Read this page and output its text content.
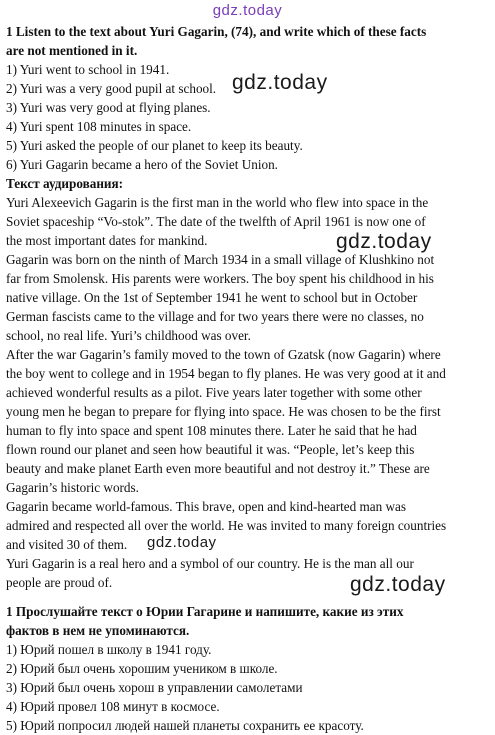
gdz.today
1 Listen to the text about Yuri Gagarin, (74), and write which of these facts
are not mentioned in it.
1) Yuri went to school in 1941.
2) Yuri was a very good pupil at school.
3) Yuri was very good at flying planes.
4) Yuri spent 108 minutes in space.
5) Yuri asked the people of our planet to keep its beauty.
6) Yuri Gagarin became a hero of the Soviet Union.
Текст аудирования:
Yuri Alexeevich Gagarin is the first man in the world who flew into space in the
Soviet spaceship “Vo-stok”. The date of the twelfth of April 1961 is now one of
the most important dates for mankind.
Gagarin was born on the ninth of March 1934 in a small village of Klushkino not
far from Smolensk. His parents were workers. The boy spent his childhood in his
native village. On the 1st of September 1941 he went to school but in October
German fascists came to the village and for two years there were no classes, no
school, no real life. Yuri’s childhood was over.
After the war Gagarin’s family moved to the town of Gzatsk (now Gagarin) where
the boy went to college and in 1954 began to fly planes. He was very good at it and
achieved wonderful results as a pilot. Five years later together with some other
young men he began to prepare for flying into space. He was chosen to be the first
human to fly into space and spent 108 minutes there. Later he said that he had
flown round our planet and seen how beautiful it was. “People, let’s keep this
beauty and make planet Earth even more beautiful and not destroy it.” These are
Gagarin’s historic words.
Gagarin became world-famous. This brave, open and kind-hearted man was
admired and respected all over the world. He was invited to many foreign countries
and visited 30 of them.
Yuri Gagarin is a real hero and a symbol of our country. He is the man all our
people are proud of.
1 Прослушайте текст о Юрии Гагарине и напишите, какие из этих
фактов в нем не упоминаются.
1) Юрий пошел в школу в 1941 году.
2) Юрий был очень хорошим учеником в школе.
3) Юрий был очень хорош в управлении самолетами
4) Юрий провел 108 минут в космосе.
5) Юрий попросил людей нашей планеты сохранить ее красоту.
gdz.today
gdz.today
gdz.today
gdz.today
